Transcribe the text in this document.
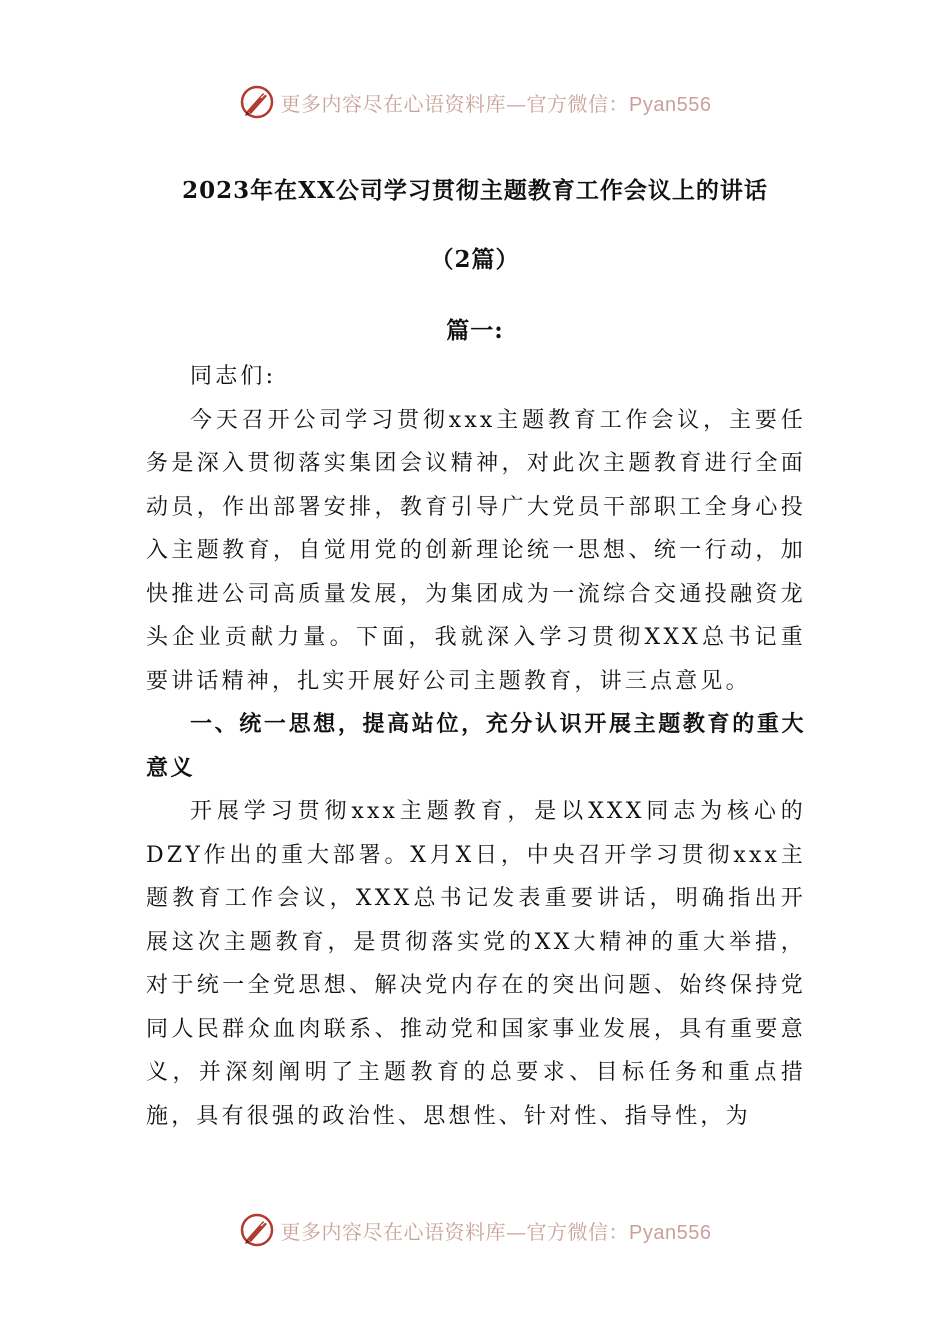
更多内容尽在心语资料库—官方微信：Pyan556
2023年在XX公司学习贯彻主题教育工作会议上的讲话
（2篇）
篇一:

同志们:

今天召开公司学习贯彻xxx主题教育工作会议，主要任务是深入贯彻落实集团会议精神，对此次主题教育进行全面动员，作出部署安排，教育引导广大党员干部职工全身心投入主题教育，自觉用党的创新理论统一思想、统一行动，加快推进公司高质量发展，为集团成为一流综合交通投融资龙头企业贡献力量。下面，我就深入学习贯彻XXX总书记重要讲话精神，扎实开展好公司主题教育，讲三点意见。

一、统一思想，提高站位，充分认识开展主题教育的重大意义

开展学习贯彻xxx主题教育，是以XXX同志为核心的DZY作出的重大部署。X月X日，中央召开学习贯彻xxx主题教育工作会议，XXX总书记发表重要讲话，明确指出开展这次主题教育，是贯彻落实党的XX大精神的重大举措，对于统一全党思想、解决党内存在的突出问题、始终保持党同人民群众血肉联系、推动党和国家事业发展，具有重要意义，并深刻阐明了主题教育的总要求、目标任务和重点措施，具有很强的政治性、思想性、针对性、指导性，为

更多内容尽在心语资料库—官方微信：Pyan556
